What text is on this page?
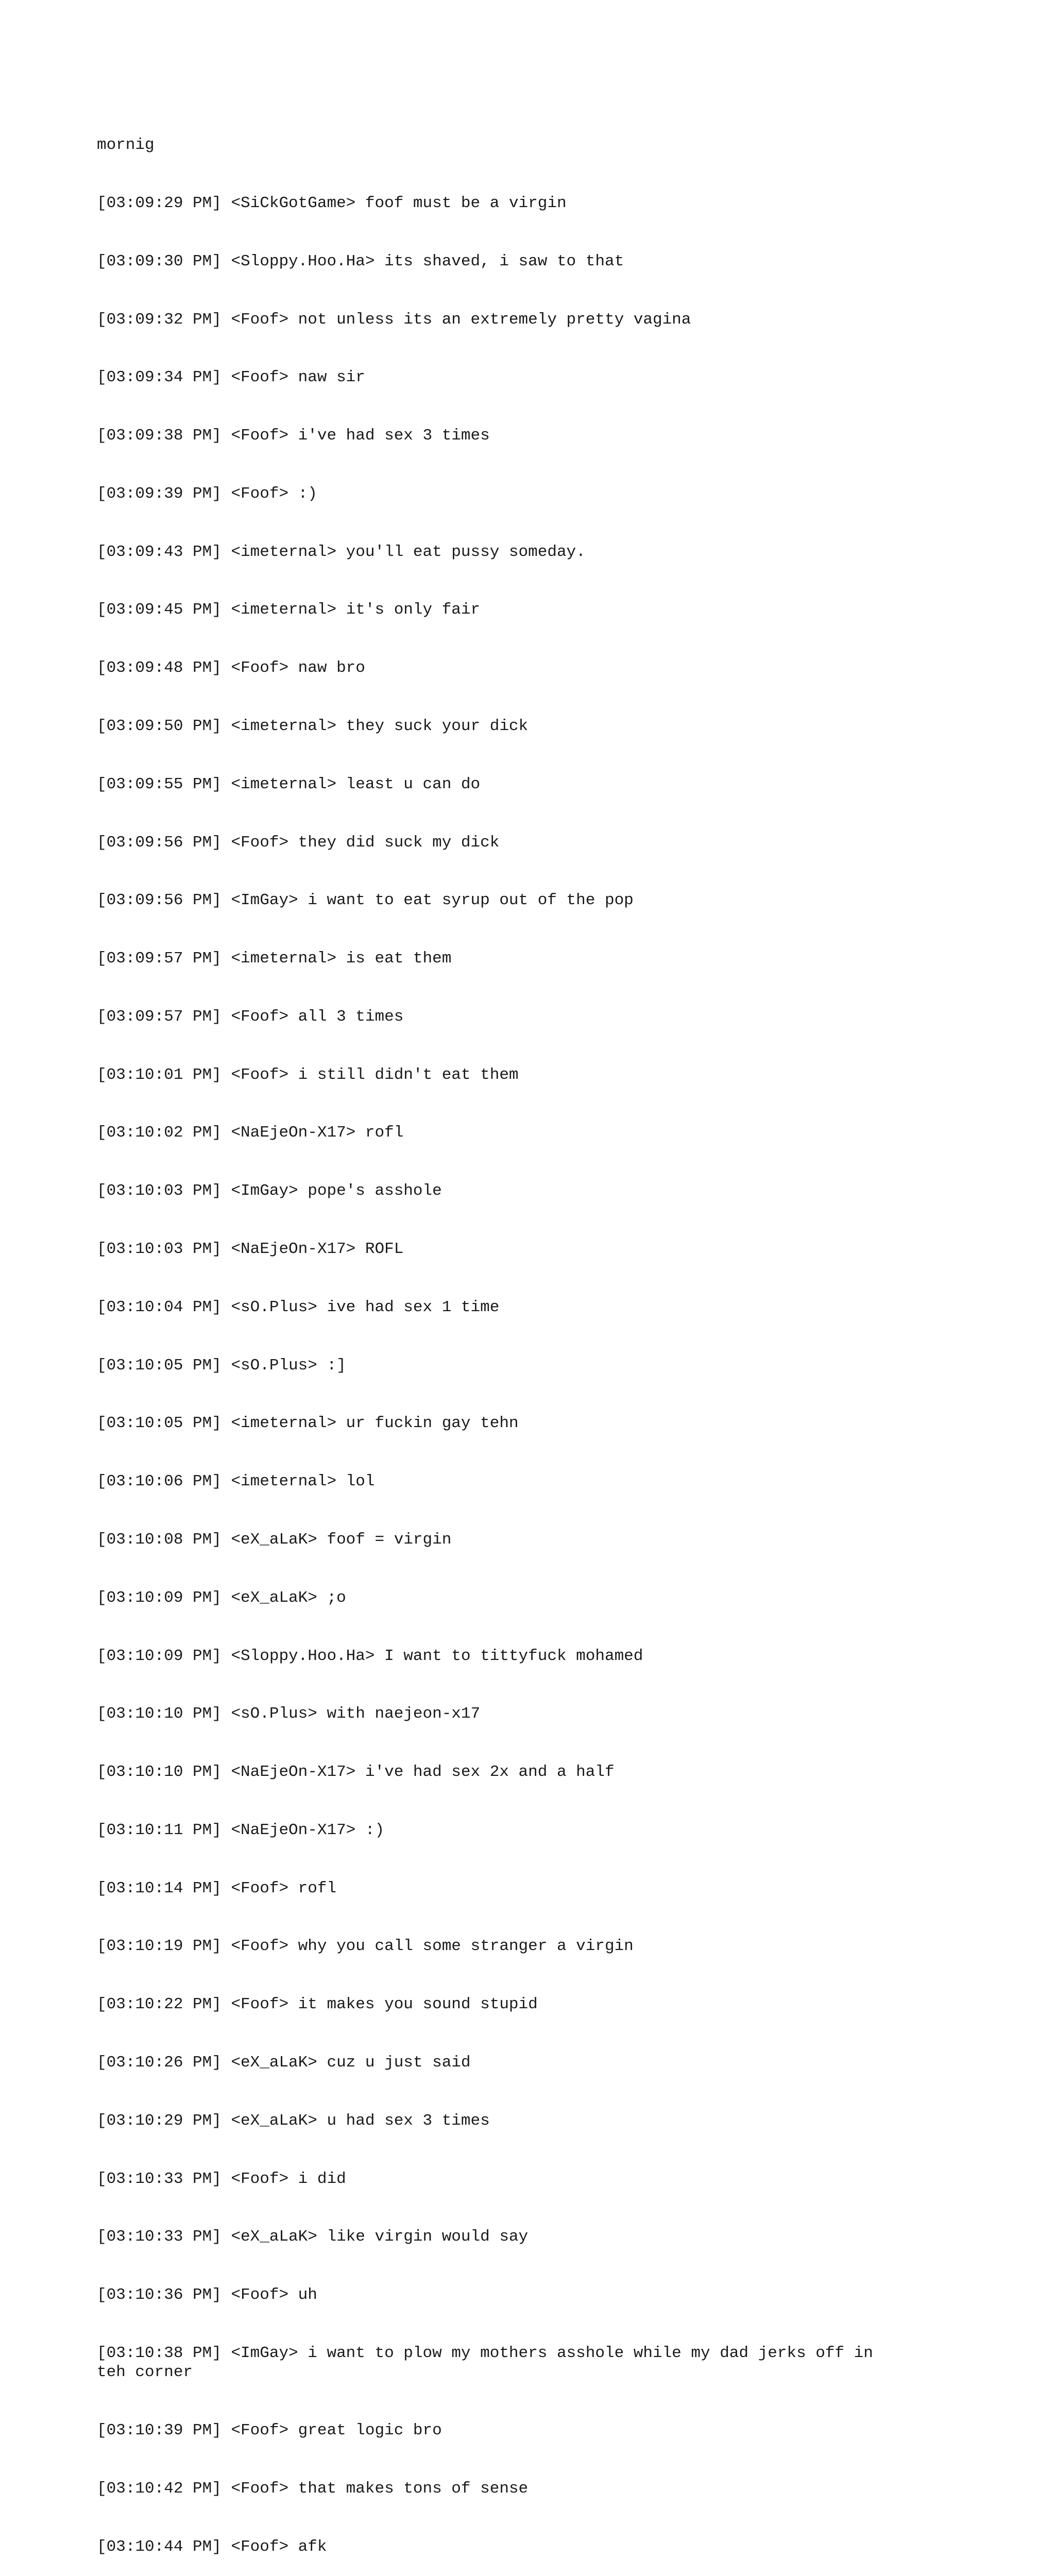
mornig

[03:09:29 PM] <SiCkGotGame> foof must be a virgin

[03:09:30 PM] <Sloppy.Hoo.Ha> its shaved, i saw to that

[03:09:32 PM] <Foof> not unless its an extremely pretty vagina

[03:09:34 PM] <Foof> naw sir

[03:09:38 PM] <Foof> i've had sex 3 times

[03:09:39 PM] <Foof> :)

[03:09:43 PM] <imeternal> you'll eat pussy someday.

[03:09:45 PM] <imeternal> it's only fair

[03:09:48 PM] <Foof> naw bro

[03:09:50 PM] <imeternal> they suck your dick

[03:09:55 PM] <imeternal> least u can do

[03:09:56 PM] <Foof> they did suck my dick

[03:09:56 PM] <ImGay> i want to eat syrup out of the pop

[03:09:57 PM] <imeternal> is eat them

[03:09:57 PM] <Foof> all 3 times

[03:10:01 PM] <Foof> i still didn't eat them

[03:10:02 PM] <NaEjeOn-X17> rofl

[03:10:03 PM] <ImGay> pope's asshole

[03:10:03 PM] <NaEjeOn-X17> ROFL

[03:10:04 PM] <sO.Plus> ive had sex 1 time

[03:10:05 PM] <sO.Plus> :]

[03:10:05 PM] <imeternal> ur fuckin gay tehn

[03:10:06 PM] <imeternal> lol

[03:10:08 PM] <eX_aLaK> foof = virgin

[03:10:09 PM] <eX_aLaK> ;o

[03:10:09 PM] <Sloppy.Hoo.Ha> I want to tittyfuck mohamed

[03:10:10 PM] <sO.Plus> with naejeon-x17

[03:10:10 PM] <NaEjeOn-X17> i've had sex 2x and a half

[03:10:11 PM] <NaEjeOn-X17> :)

[03:10:14 PM] <Foof> rofl

[03:10:19 PM] <Foof> why you call some stranger a virgin

[03:10:22 PM] <Foof> it makes you sound stupid

[03:10:26 PM] <eX_aLaK> cuz u just said

[03:10:29 PM] <eX_aLaK> u had sex 3 times

[03:10:33 PM] <Foof> i did

[03:10:33 PM] <eX_aLaK> like virgin would say

[03:10:36 PM] <Foof> uh

[03:10:38 PM] <ImGay> i want to plow my mothers asshole while my dad jerks off in
teh corner

[03:10:39 PM] <Foof> great logic bro

[03:10:42 PM] <Foof> that makes tons of sense

[03:10:44 PM] <Foof> afk
